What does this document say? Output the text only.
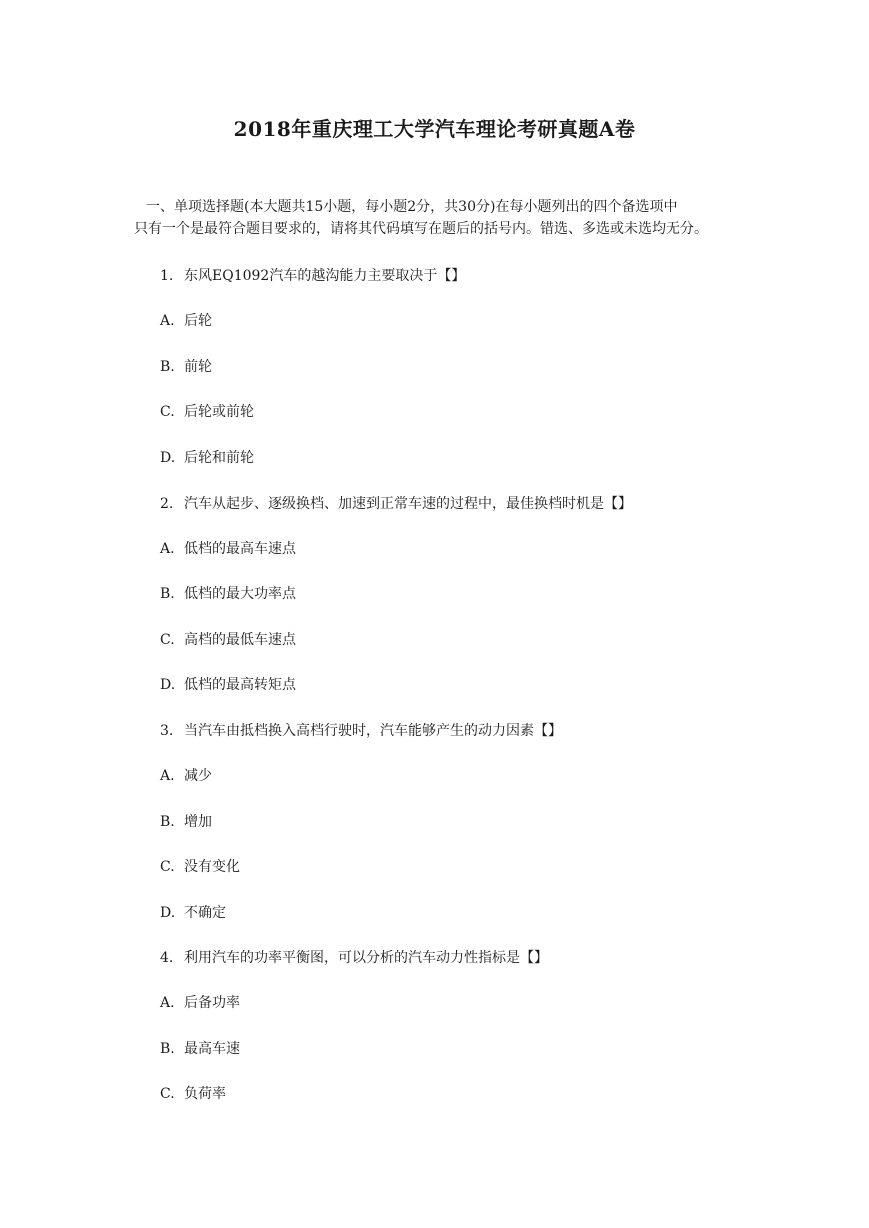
2018年重庆理工大学汽车理论考研真题A卷
一、单项选择题(本大题共15小题，每小题2分，共30分)在每小题列出的四个备选项中
只有一个是最符合题目要求的，请将其代码填写在题后的括号内。错选、多选或未选均无分。
1. 东风EQ1092汽车的越沟能力主要取决于【】
A. 后轮
B. 前轮
C. 后轮或前轮
D. 后轮和前轮
2. 汽车从起步、逐级换档、加速到正常车速的过程中，最佳换档时机是【】
A. 低档的最高车速点
B. 低档的最大功率点
C. 高档的最低车速点
D. 低档的最高转矩点
3. 当汽车由抵档换入高档行驶时，汽车能够产生的动力因素【】
A. 减少
B. 增加
C. 没有变化
D. 不确定
4. 利用汽车的功率平衡图，可以分析的汽车动力性指标是【】
A. 后备功率
B. 最高车速
C. 负荷率
